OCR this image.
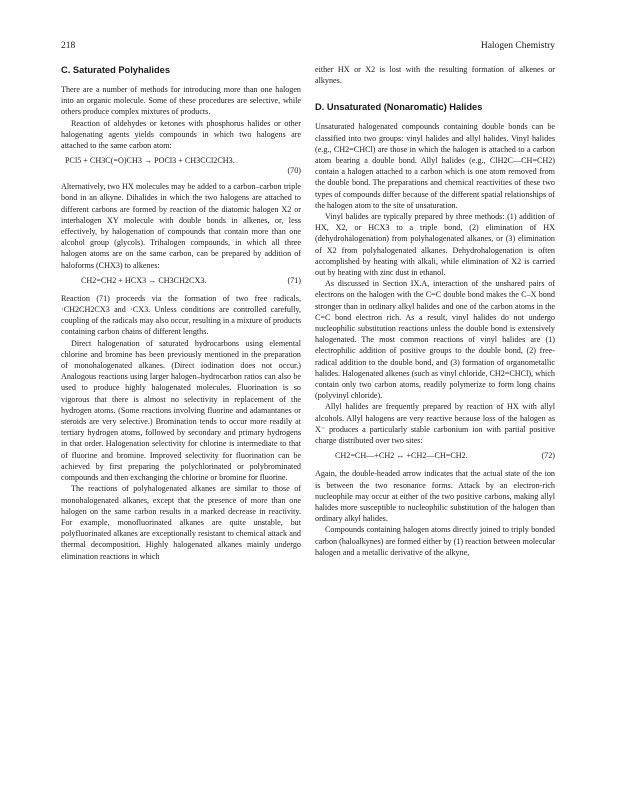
218	Halogen Chemistry
C. Saturated Polyhalides

There are a number of methods for introducing more than one halogen into an organic molecule. Some of these procedures are selective, while others produce complex mixtures of products.

Reaction of aldehydes or ketones with phosphorus halides or other halogenating agents yields compounds in which two halogens are attached to the same carbon atom:

PCl5 + CH3C(=O)CH3 → POCl3 + CH3CCl2CH3.
(70)

Alternatively, two HX molecules may be added to a carbon–carbon triple bond in an alkyne. Dihalides in which the two halogens are attached to different carbons are formed by reaction of the diatomic halogen X2 or interhalogen XY molecule with double bonds in alkenes, or, less effectively, by halogenation of compounds that contain more than one alcohol group (glycols). Trihalogen compounds, in which all three halogen atoms are on the same carbon, can be prepared by addition of haloforms (CHX3) to alkenes:

CH2=CH2 + HCX3 → CH3CH2CX3.	(71)

Reaction (71) proceeds via the formation of two free radicals, ·CH2CH2CX3 and ·CX3. Unless conditions are controlled carefully, coupling of the radicals may also occur, resulting in a mixture of products containing carbon chains of different lengths.

Direct halogenation of saturated hydrocarbons using elemental chlorine and bromine has been previously mentioned in the preparation of monohalogenated alkanes. (Direct iodination does not occur.) Analogous reactions using larger halogen–hydrocarbon ratios can also be used to produce highly halogenated molecules. Fluorination is so vigorous that there is almost no selectivity in replacement of the hydrogen atoms. (Some reactions involving fluorine and adamantanes or steroids are very selective.) Bromination tends to occur more readily at tertiary hydrogen atoms, followed by secondary and primary hydrogens in that order. Halogenation selectivity for chlorine is intermediate to that of fluorine and bromine. Improved selectivity for fluorination can be achieved by first preparing the polychlorinated or polybrominated compounds and then exchanging the chlorine or bromine for fluorine.

The reactions of polyhalogenated alkanes are similar to those of monohalogenated alkanes, except that the presence of more than one halogen on the same carbon results in a marked decrease in reactivity. For example, monofluorinated alkanes are quite unstable, but polyfluorinated alkanes are exceptionally resistant to chemical attack and thermal decomposition. Highly halogenated alkanes mainly undergo elimination reactions in which

either HX or X2 is lost with the resulting formation of alkenes or alkynes.

D. Unsaturated (Nonaromatic) Halides

Unsaturated halogenated compounds containing double bonds can be classified into two groups: vinyl halides and allyl halides. Vinyl halides (e.g., CH2=CHCl) are those in which the halogen is attached to a carbon atom bearing a double bond. Allyl halides (e.g., ClH2C—CH=CH2) contain a halogen attached to a carbon which is one atom removed from the double bond. The preparations and chemical reactivities of these two types of compounds differ because of the different spatial relationships of the halogen atom to the site of unsaturation.

Vinyl halides are typically prepared by three methods: (1) addition of HX, X2, or HCX3 to a triple bond, (2) elimination of HX (dehydrohalogenation) from polyhalogenated alkanes, or (3) elimination of X2 from polyhalogenated alkanes. Dehydrohalogenation is often accomplished by heating with alkali, while elimination of X2 is carried out by heating with zinc dust in ethanol.

As discussed in Section IX.A, interaction of the unshared pairs of electrons on the halogen with the C=C double bond makes the C–X bond stronger than in ordinary alkyl halides and one of the carbon atoms in the C=C bond electron rich. As a result, vinyl halides do not undergo nucleophilic substitution reactions unless the double bond is extensively halogenated. The most common reactions of vinyl halides are (1) electrophilic addition of positive groups to the double bond, (2) free-radical addition to the double bond, and (3) formation of organometallic halides. Halogenated alkenes (such as vinyl chloride, CH2=CHCl), which contain only two carbon atoms, readily polymerize to form long chains (polyvinyl chloride).

Allyl halides are frequently prepared by reaction of HX with allyl alcohols. Allyl halogens are very reactive because loss of the halogen as X⁻ produces a particularly stable carbonium ion with partial positive charge distributed over two sites:

CH2=CH—+CH2 ↔ +CH2—CH=CH2.	(72)

Again, the double-headed arrow indicates that the actual state of the ion is between the two resonance forms. Attack by an electron-rich nucleophile may occur at either of the two positive carbons, making allyl halides more susceptible to nucleophilic substitution of the halogen than ordinary alkyl halides.

Compounds containing halogen atoms directly joined to triply bonded carbon (haloalkynes) are formed either by (1) reaction between molecular halogen and a metallic derivative of the alkyne,
